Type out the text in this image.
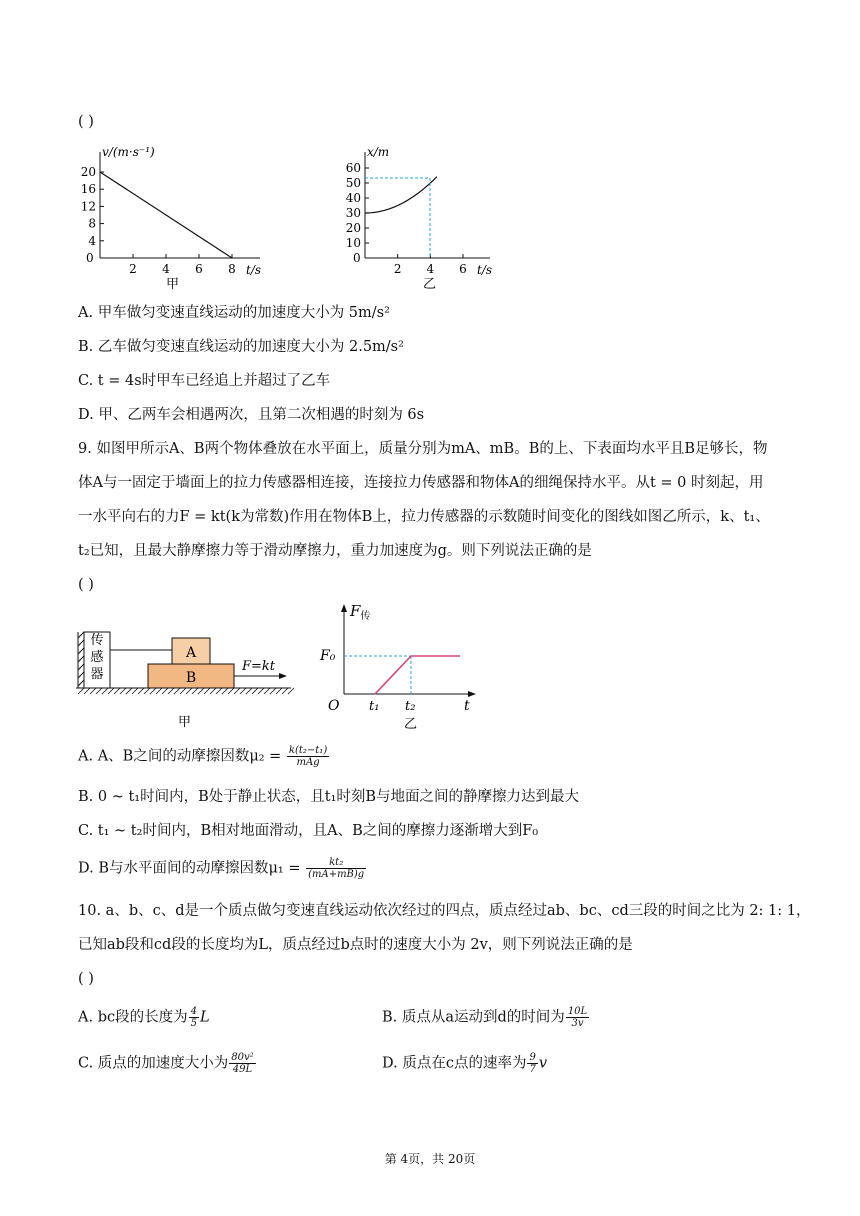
( )
v/(m·s⁻¹)
4
8
12
16
20
2 4 6 8
0
t/s
甲
x/m
10
20
30
40
50
60
2 4 6
0
t/s
乙
A. 甲车做匀变速直线运动的加速度大小为 5m/s²
B. 乙车做匀变速直线运动的加速度大小为 2.5m/s²
C. t = 4s时甲车已经追上并超过了乙车
D. 甲、乙两车会相遇两次，且第二次相遇的时刻为 6s
9. 如图甲所示A、B两个物体叠放在水平面上，质量分别为mA、mB。B的上、下表面均水平且B足够长，物
体A与一固定于墙面上的拉力传感器相连接，连接拉力传感器和物体A的细绳保持水平。从t = 0 时刻起，用
一水平向右的力F = kt(k为常数)作用在物体B上，拉力传感器的示数随时间变化的图线如图乙所示，k、t₁、
t₂已知，且最大静摩擦力等于滑动摩擦力，重力加速度为g。则下列说法正确的是
( )
传感器
A
B
F=kt
甲
$F_传$
F₀
O t₁ t₂	t
乙
A. A、B之间的动摩擦因数$\mu_2 = \frac{\text{k(t₂−t₁)}}{\text{mAg}}$
B. 0 ~ t₁时间内，B处于静止状态，且t₁时刻B与地面之间的静摩擦力达到最大
C. t₁ ~ t₂时间内，B相对地面滑动，且A、B之间的摩擦力逐渐增大到F₀
D. B与水平面间的动摩擦因数$\mu_1 = \frac{\text{kt₂}}{(mA+mB)g}$
10. a、b、c、d是一个质点做匀变速直线运动依次经过的四点，质点经过ab、bc、cd三段的时间之比为 2: 1: 1，
已知ab段和cd段的长度均为L，质点经过b点时的速度大小为 2v，则下列说法正确的是
( )
A. bc段的长度为 $\frac{4}{5}$ L	B. 质点从a运动到d的时间为 $\frac{10L}{3v}$
C. 质点的加速度大小为 $\frac{\text{80v²}}{49L}$	D. 质点在c点的速率为 $\frac{9}{7}$ v
第 4页，共 20页
